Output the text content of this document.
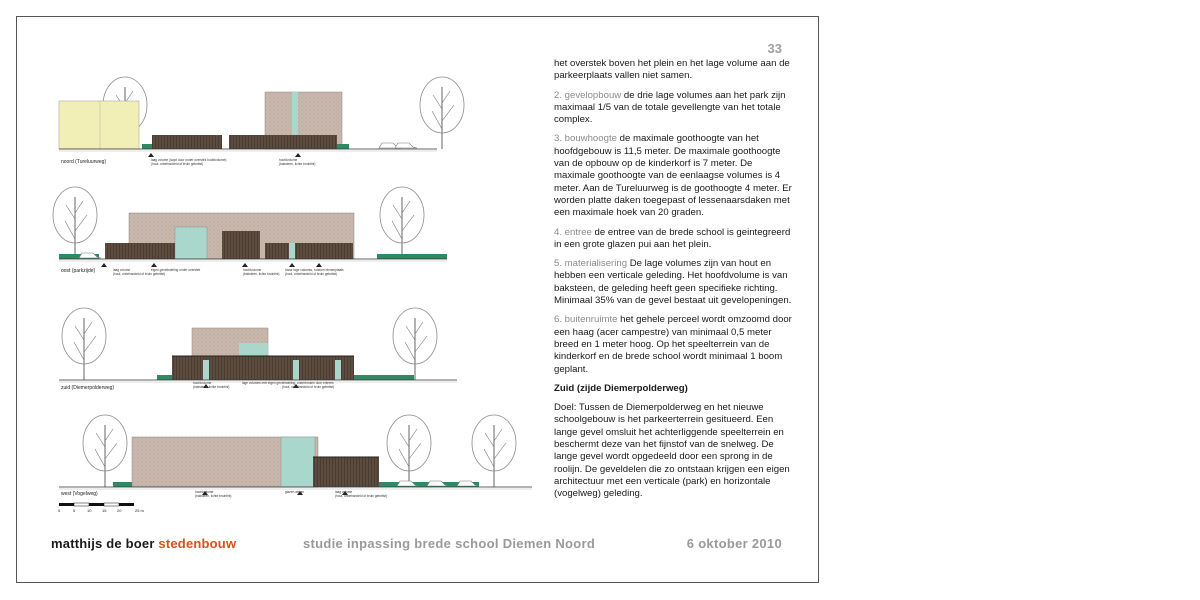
33
noord (Tureluurweg)	laag volume (loopt door onder overstek hoofdvolume)
(hout, onbehandeld of bruin gebeitst)
hoofdvolume
(baksteen, lichte bruintint)
oost (parkzijde)	laag volume
(hout, onbehandeld of bruin gebeitst)
eigen gevelindeling onder overstek	hoofdvolume
(baksteen, lichte bruintint)
losse lage volumes, rondom binnenplaats
(hout, onbehandeld of bruin gebeitst)
zuid (Diemerpolderweg)
hoofdvolume
(baksteen, lichte bruintint)
lage volumes met eigen gevelindeling, onderbroken door entrees
(hout, onbehandeld of bruin gebeitst)
west (Vogelweg)	hoofdvolume
(baksteen, lichte bruintint)
glazen atrium	laag volume
(hout, onbehandeld of bruin gebeitst)
0	5	10	15	20	25 m

het overstek boven het plein en het lage volume aan de parkeerplaats vallen niet samen.

2. gevelopbouw de drie lage volumes aan het park zijn maximaal 1/5 van de totale gevellengte van het totale complex.

3. bouwhoogte de maximale goothoogte van het hoofdgebouw is 11,5 meter. De maximale goothoogte van de opbouw op de kinderkorf is 7 meter. De maximale goothoogte van de eenlaagse volumes is 4 meter. Aan de Tureluurweg is de goothoogte 4 meter. Er worden platte daken toegepast of lessenaarsdaken met een maximale hoek van 20 graden.

4. entree de entree van de brede school is geintegreerd in een grote glazen pui aan het plein.

5. materialisering De lage volumes zijn van hout en hebben een verticale geleding. Het hoofdvolume is van baksteen, de geleding heeft geen specifieke richting. Minimaal 35% van de gevel bestaat uit gevelopeningen.

6. buitenruimte het gehele perceel wordt omzoomd door een haag (acer campestre) van minimaal 0,5 meter breed en 1 meter hoog. Op het speelterrein van de kinderkorf en de brede school wordt minimaal 1 boom geplant.

Zuid (zijde Diemerpolderweg)

Doel: Tussen de Diemerpolderweg en het nieuwe schoolgebouw is het parkeerterrein gesitueerd. Een lange gevel omsluit het achterliggende speelterrein en beschermt deze van het fijnstof van de snelweg. De lange gevel wordt opgedeeld door een sprong in de roolijn. De geveldelen die zo ontstaan krijgen een eigen architectuur met een verticale (park) en horizontale (vogelweg) geleding.

matthijs de boer stedenbouw	studie inpassing brede school Diemen Noord	6 oktober 2010
